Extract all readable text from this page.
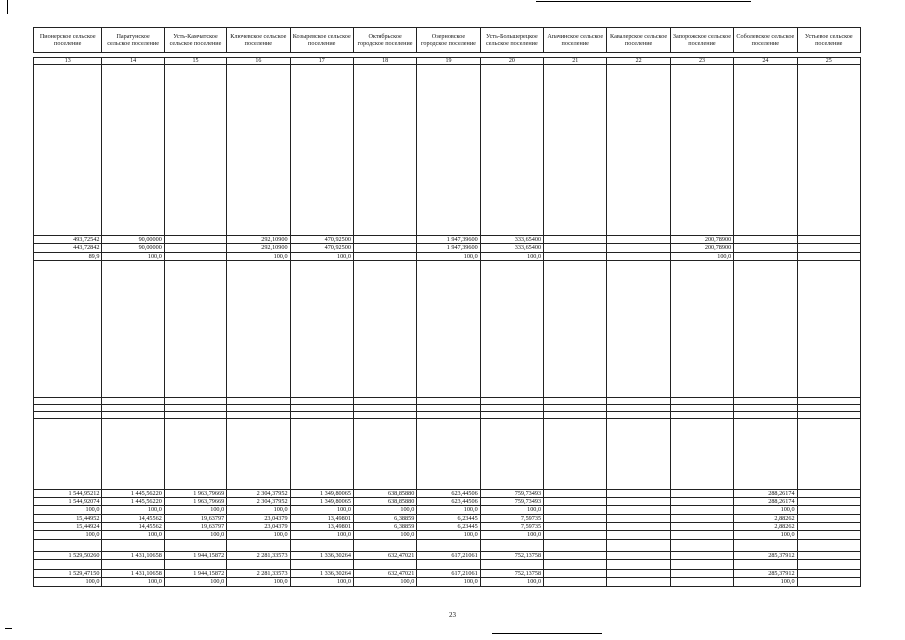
Пионерское сельское поселение	Паратунское сельское поселение	Усть-Камчатское сельское поселение	Ключевское сельское поселение	Козыревское сельское поселение	Октябрьское городское поселение	Озерновское городское поселение	Усть-Большерецкое сельское поселение	Апачинское сельское поселение	Кавалерское сельское поселение	Запорожское сельское поселение	Соболевское сельское поселение	Устьевое сельское поселение

13	14	15	16	17	18	19	20	21	22	23	24	25

493,72542	90,00000		292,10900	470,92500		1 947,39600	333,65400			200,78900		
443,72842	90,00000		292,10900	470,92500		1 947,39600	333,65400			200,78900		
89,9	100,0		100,0	100,0		100,0	100,0			100,0		

1 544,95212	1 445,56220	1 963,79669	2 304,37952	1 349,80065	638,85880	623,44506	759,73493				288,26174	
1 544,92074	1 445,56220	1 963,79669	2 304,37952	1 349,80065	638,85880	623,44506	759,73493				288,26174	
100,0	100,0	100,0	100,0	100,0	100,0	100,0	100,0				100,0	
15,44952	14,45562	19,63797	23,04379	13,49801	6,38859	6,23445	7,59735				2,88262	
15,44924	14,45562	19,63797	23,04379	13,49801	6,38859	6,23445	7,59735				2,88262	
100,0	100,0	100,0	100,0	100,0	100,0	100,0	100,0				100,0	

1 529,50260	1 431,10658	1 944,15872	2 281,33573	1 336,30264	632,47021	617,21061	752,13758				285,37912	

1 529,47150	1 431,10658	1 944,15872	2 281,33573	1 336,30264	632,47021	617,21061	752,13758				285,37912	
100,0	100,0	100,0	100,0	100,0	100,0	100,0	100,0				100,0	
23
